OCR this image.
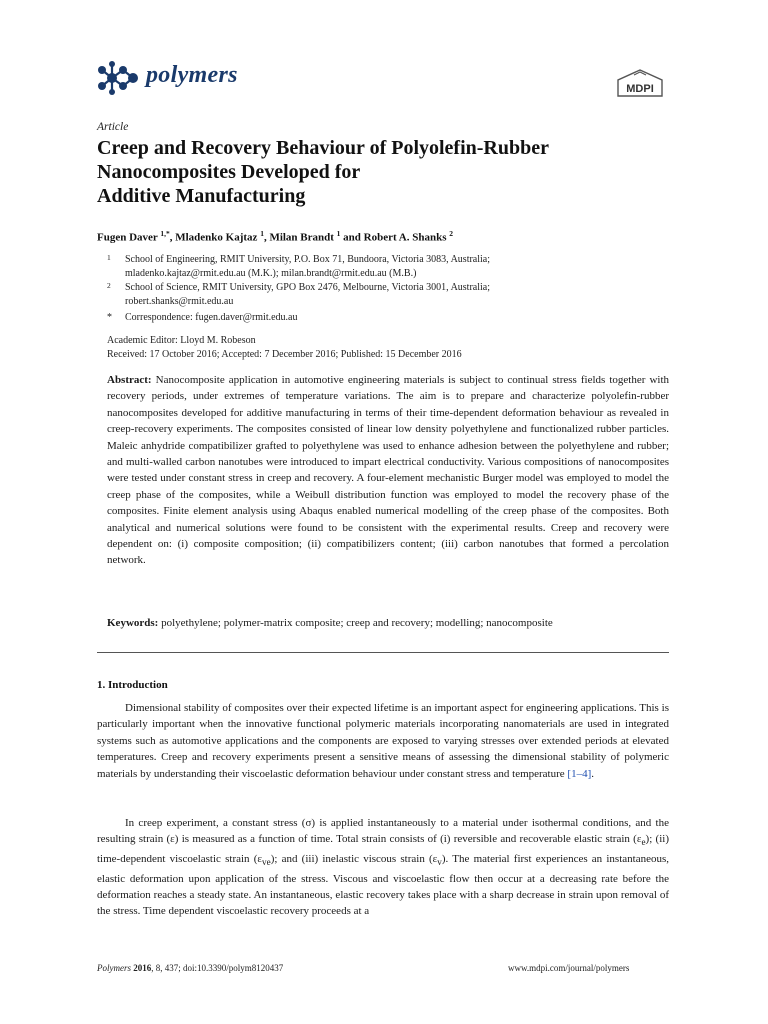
polymers
MDPI
Article
Creep and Recovery Behaviour of Polyolefin-Rubber
Nanocomposites Developed for
Additive Manufacturing
Fugen Daver $^{1,*}$, Mladenko Kajtaz $^1$, Milan Brandt $^1$ and Robert A. Shanks $^2$
1 School of Engineering, RMIT University, P.O. Box 71, Bundoora, Victoria 3083, Australia;
mladenko.kajtaz@rmit.edu.au (M.K.); milan.brandt@rmit.edu.au (M.B.)
2 School of Science, RMIT University, GPO Box 2476, Melbourne, Victoria 3001, Australia;
robert.shanks@rmit.edu.au
* Correspondence: fugen.daver@rmit.edu.au
Academic Editor: Lloyd M. Robeson
Received: 17 October 2016; Accepted: 7 December 2016; Published: 15 December 2016
Abstract: Nanocomposite application in automotive engineering materials is subject to continual stress fields together with recovery periods, under extremes of temperature variations. The aim is to prepare and characterize polyolefin-rubber nanocomposites developed for additive manufacturing in terms of their time-dependent deformation behaviour as revealed in creep-recovery experiments. The composites consisted of linear low density polyethylene and functionalized rubber particles. Maleic anhydride compatibilizer grafted to polyethylene was used to enhance adhesion between the polyethylene and rubber; and multi-walled carbon nanotubes were introduced to impart electrical conductivity. Various compositions of nanocomposites were tested under constant stress in creep and recovery. A four-element mechanistic Burger model was employed to model the creep phase of the composites, while a Weibull distribution function was employed to model the recovery phase of the composites. Finite element analysis using Abaqus enabled numerical modelling of the creep phase of the composites. Both analytical and numerical solutions were found to be consistent with the experimental results. Creep and recovery were dependent on: (i) composite composition; (ii) compatibilizers content; (iii) carbon nanotubes that formed a percolation network.
Keywords: polyethylene; polymer-matrix composite; creep and recovery; modelling; nanocomposite
1. Introduction
Dimensional stability of composites over their expected lifetime is an important aspect for engineering applications. This is particularly important when the innovative functional polymeric materials incorporating nanomaterials are used in integrated systems such as automotive applications and the components are exposed to varying stresses over extended periods at elevated temperatures. Creep and recovery experiments present a sensitive means of assessing the dimensional stability of polymeric materials by understanding their viscoelastic deformation behaviour under constant stress and temperature [1–4].
In creep experiment, a constant stress (σ) is applied instantaneously to a material under isothermal conditions, and the resulting strain (ε) is measured as a function of time. Total strain consists of (i) reversible and recoverable elastic strain $(\varepsilon_e)$; (ii) time-dependent viscoelastic strain $(\varepsilon_{ve})$; and (iii) inelastic viscous strain $(\varepsilon_v)$. The material first experiences an instantaneous, elastic deformation upon application of the stress. Viscous and viscoelastic flow then occur at a decreasing rate before the deformation reaches a steady state. An instantaneous, elastic recovery takes place with a sharp decrease in strain upon removal of the stress. Time dependent viscoelastic recovery proceeds at a
Polymers 2016, 8, 437; doi:10.3390/polym8120437	www.mdpi.com/journal/polymers
